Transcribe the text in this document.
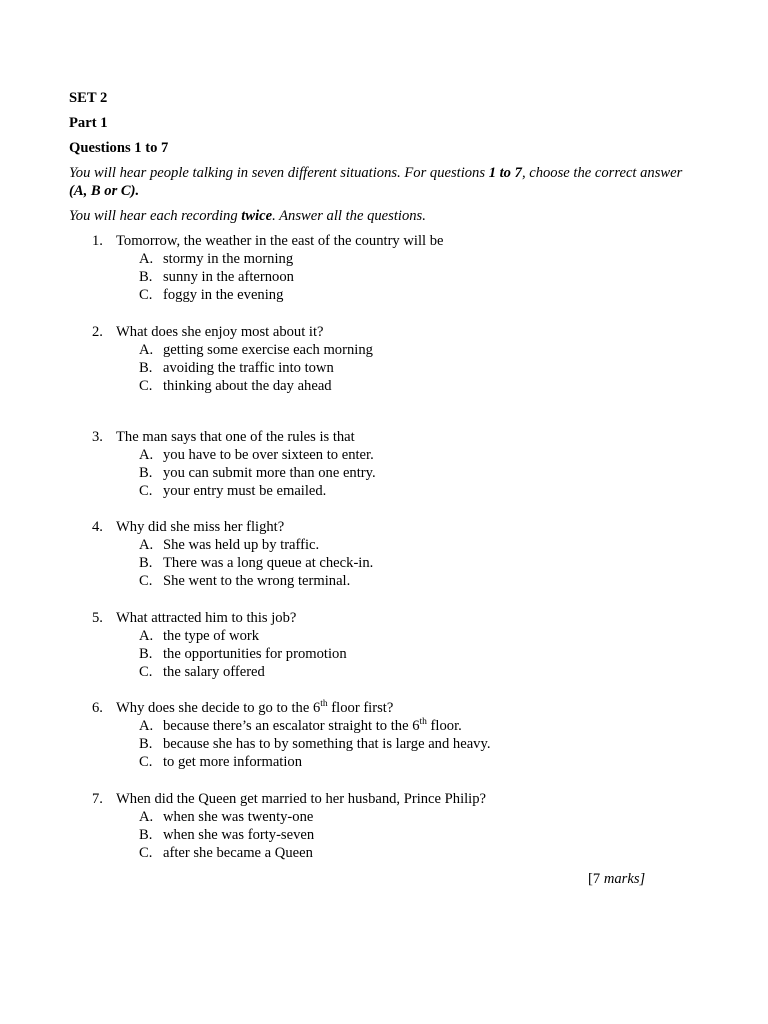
SET 2
Part 1
Questions 1 to 7
You will hear people talking in seven different situations. For questions 1 to 7, choose the correct answer (A, B or C).
You will hear each recording twice. Answer all the questions.
1. Tomorrow, the weather in the east of the country will be
A. stormy in the morning
B. sunny in the afternoon
C. foggy in the evening
2. What does she enjoy most about it?
A. getting some exercise each morning
B. avoiding the traffic into town
C. thinking about the day ahead
3. The man says that one of the rules is that
A. you have to be over sixteen to enter.
B. you can submit more than one entry.
C. your entry must be emailed.
4. Why did she miss her flight?
A. She was held up by traffic.
B. There was a long queue at check-in.
C. She went to the wrong terminal.
5. What attracted him to this job?
A. the type of work
B. the opportunities for promotion
C. the salary offered
6. Why does she decide to go to the 6th floor first?
A. because there’s an escalator straight to the 6th floor.
B. because she has to by something that is large and heavy.
C. to get more information
7. When did the Queen get married to her husband, Prince Philip?
A. when she was twenty-one
B. when she was forty-seven
C. after she became a Queen
[7 marks]
